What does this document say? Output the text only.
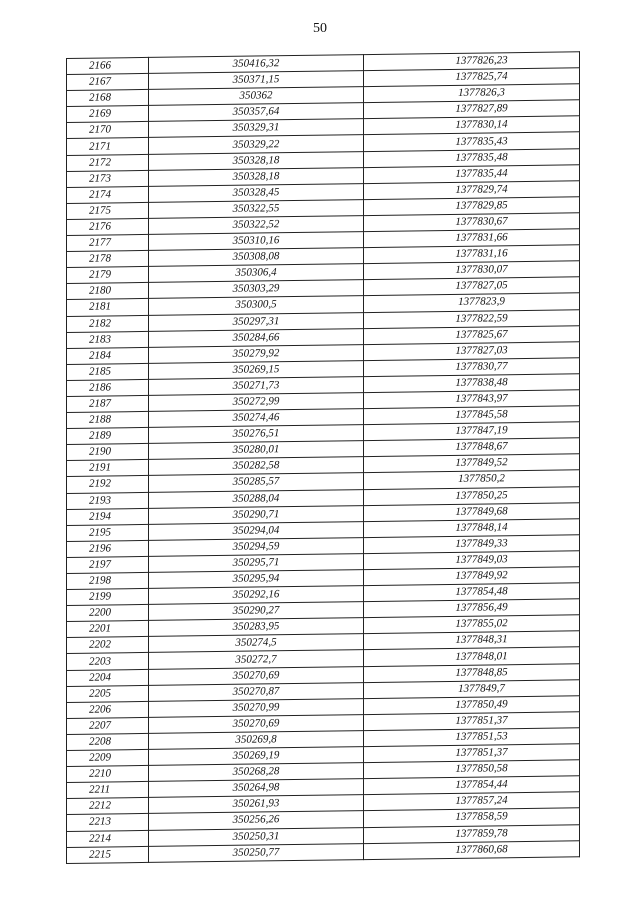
50
2166	350416,32	1377826,23
2167	350371,15	1377825,74
2168	350362	1377826,3
2169	350357,64	1377827,89
2170	350329,31	1377830,14
2171	350329,22	1377835,43
2172	350328,18	1377835,48
2173	350328,18	1377835,44
2174	350328,45	1377829,74
2175	350322,55	1377829,85
2176	350322,52	1377830,67
2177	350310,16	1377831,66
2178	350308,08	1377831,16
2179	350306,4	1377830,07
2180	350303,29	1377827,05
2181	350300,5	1377823,9
2182	350297,31	1377822,59
2183	350284,66	1377825,67
2184	350279,92	1377827,03
2185	350269,15	1377830,77
2186	350271,73	1377838,48
2187	350272,99	1377843,97
2188	350274,46	1377845,58
2189	350276,51	1377847,19
2190	350280,01	1377848,67
2191	350282,58	1377849,52
2192	350285,57	1377850,2
2193	350288,04	1377850,25
2194	350290,71	1377849,68
2195	350294,04	1377848,14
2196	350294,59	1377849,33
2197	350295,71	1377849,03
2198	350295,94	1377849,92
2199	350292,16	1377854,48
2200	350290,27	1377856,49
2201	350283,95	1377855,02
2202	350274,5	1377848,31
2203	350272,7	1377848,01
2204	350270,69	1377848,85
2205	350270,87	1377849,7
2206	350270,99	1377850,49
2207	350270,69	1377851,37
2208	350269,8	1377851,53
2209	350269,19	1377851,37
2210	350268,28	1377850,58
2211	350264,98	1377854,44
2212	350261,93	1377857,24
2213	350256,26	1377858,59
2214	350250,31	1377859,78
2215	350250,77	1377860,68
